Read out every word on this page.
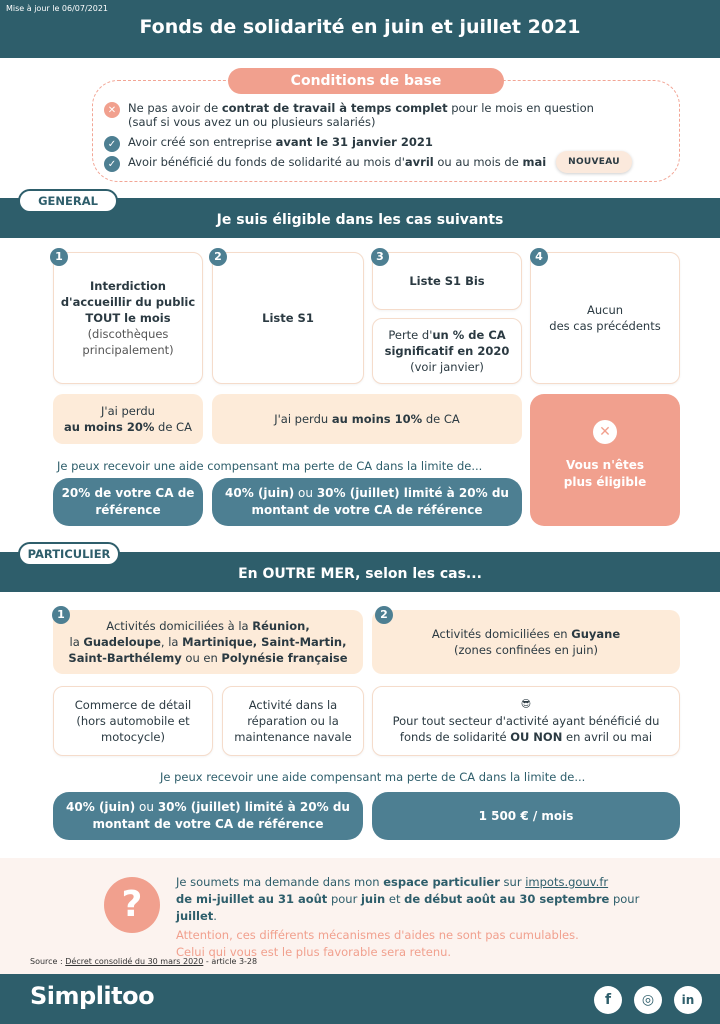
Mise à jour le 06/07/2021
Fonds de solidarité en juin et juillet 2021
Conditions de base
✕	Ne pas avoir de contrat de travail à temps complet pour le mois en question
(sauf si vous avez un ou plusieurs salariés)
✓	Avoir créé son entreprise avant le 31 janvier 2021
✓	Avoir bénéficié du fonds de solidarité au mois d'avril ou au mois de mai	NOUVEAU
Je suis éligible dans les cas suivants
GENERAL
Interdiction
d'accueillir du public
TOUT le mois
(discothèques
principalement)
1
Liste S1
2
Liste S1 Bis
Perte d'un % de CA
significatif en 2020
(voir janvier)
3
Aucun
des cas précédents
4
J'ai perdu
au moins 20% de CA
J'ai perdu au moins 10% de CA
Je peux recevoir une aide compensant ma perte de CA dans la limite de...
20% de votre CA de
référence
40% (juin) ou 30% (juillet) limité à 20% du
montant de votre CA de référence
✕
Vous n'êtes
plus éligible
En OUTRE MER, selon les cas...
PARTICULIER
Activités domiciliées à la Réunion,
la Guadeloupe, la Martinique, Saint-Martin,
Saint-Barthélemy ou en Polynésie française
1
Activités domiciliées en Guyane
(zones confinées en juin)
2
Commerce de détail
(hors automobile et
motocycle)
Activité dans la
réparation ou la
maintenance navale
😎
Pour tout secteur d'activité ayant bénéficié du
fonds de solidarité OU NON en avril ou mai
Je peux recevoir une aide compensant ma perte de CA dans la limite de...
40% (juin) ou 30% (juillet) limité à 20% du
montant de votre CA de référence
1 500 € / mois
?
Je soumets ma demande dans mon espace particulier sur impots.gouv.fr
de mi-juillet au 31 août pour juin et de début août au 30 septembre pour juillet.
Attention, ces différents mécanismes d'aides ne sont pas cumulables.
Celui qui vous est le plus favorable sera retenu.
Source : Décret consolidé du 30 mars 2020 - article 3-28
Simplitoo	f	◎	in
